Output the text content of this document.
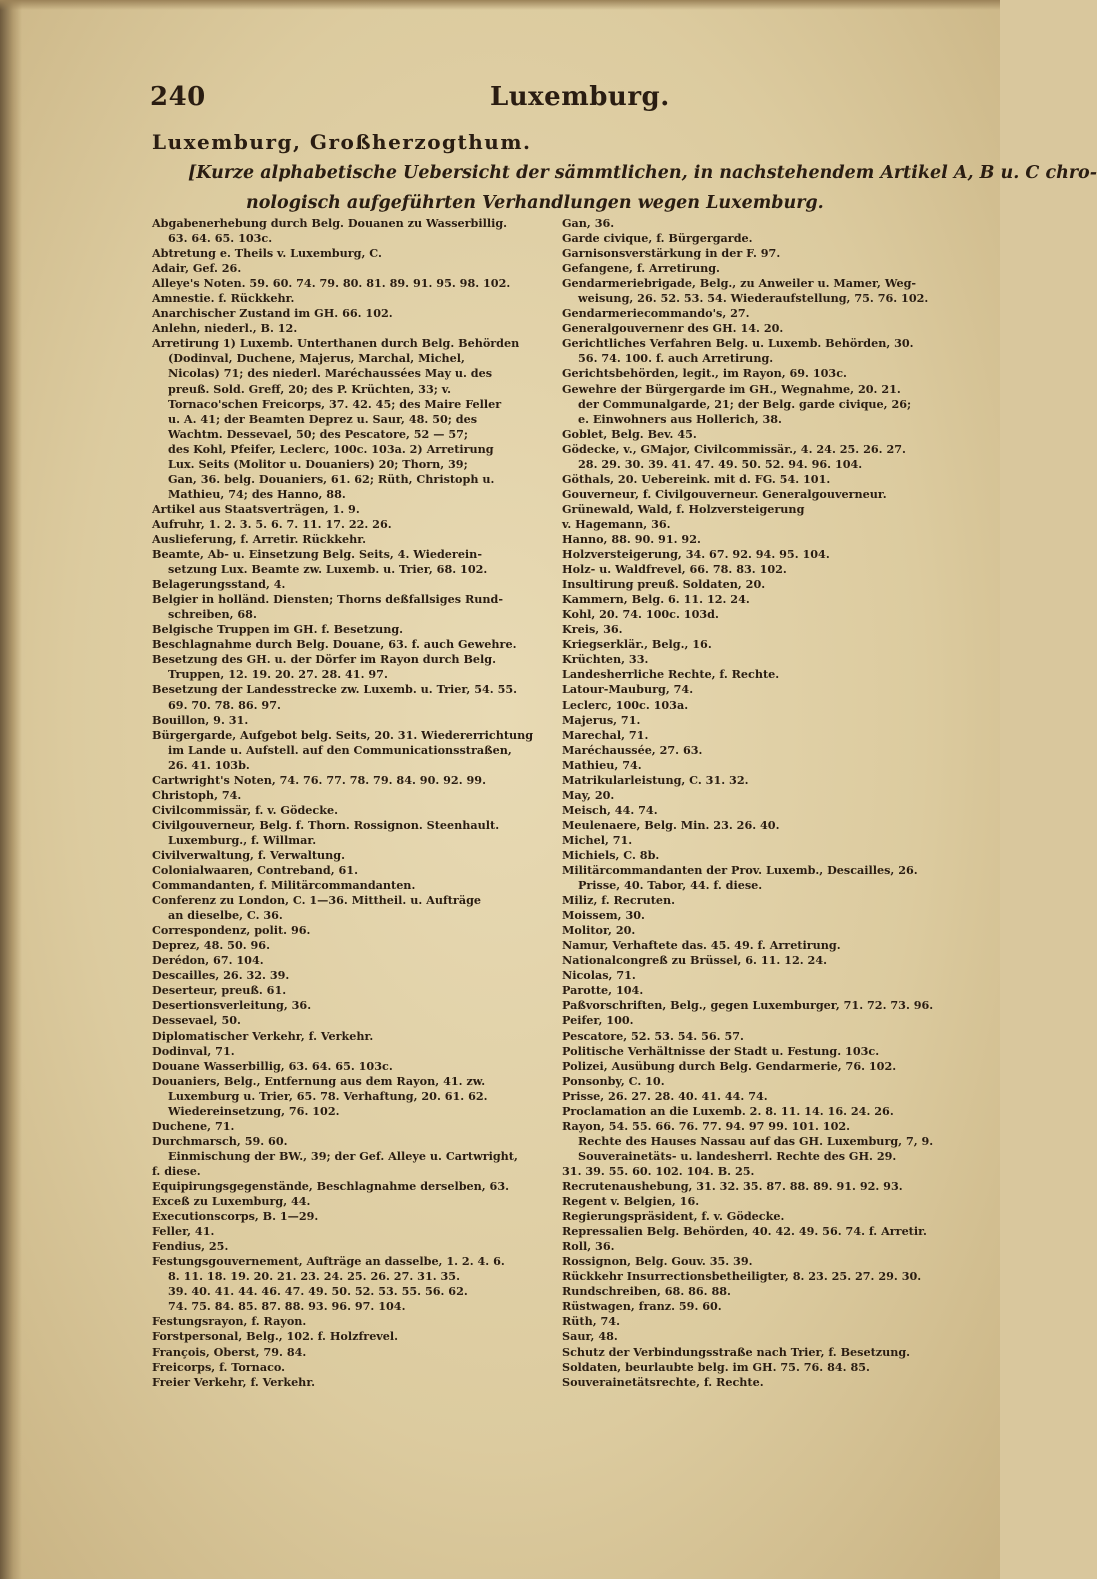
240	Luxemburg.
Luxemburg, Großherzogthum.
[Kurze alphabetische Uebersicht der sämmtlichen, in nachstehendem Artikel A, B u. C chro-
nologisch aufgeführten Verhandlungen wegen Luxemburg.
Abgabenerhebung durch Belg. Douanen zu Wasserbillig.
63. 64. 65. 103c.
Abtretung e. Theils v. Luxemburg, C.
Adair, Gef. 26.
Alleye's Noten. 59. 60. 74. 79. 80. 81. 89. 91. 95. 98. 102.
Amnestie. f. Rückkehr.
Anarchischer Zustand im GH. 66. 102.
Anlehn, niederl., B. 12.
Arretirung 1) Luxemb. Unterthanen durch Belg. Behörden
(Dodinval, Duchene, Majerus, Marchal, Michel,
Nicolas) 71; des niederl. Maréchaussées May u. des
preuß. Sold. Greff, 20; des P. Krüchten, 33; v.
Tornaco'schen Freicorps, 37. 42. 45; des Maire Feller
u. A. 41; der Beamten Deprez u. Saur, 48. 50; des
Wachtm. Dessevael, 50; des Pescatore, 52 — 57;
des Kohl, Pfeifer, Leclerc, 100c. 103a. 2) Arretirung
Lux. Seits (Molitor u. Douaniers) 20; Thorn, 39;
Gan, 36. belg. Douaniers, 61. 62; Rüth, Christoph u.
Mathieu, 74; des Hanno, 88.
Artikel aus Staatsverträgen, 1. 9.
Aufruhr, 1. 2. 3. 5. 6. 7. 11. 17. 22. 26.
Auslieferung, f. Arretir. Rückkehr.
Beamte, Ab- u. Einsetzung Belg. Seits, 4. Wiederein-
setzung Lux. Beamte zw. Luxemb. u. Trier, 68. 102.
Belagerungsstand, 4.
Belgier in holländ. Diensten; Thorns deßfallsiges Rund-
schreiben, 68.
Belgische Truppen im GH. f. Besetzung.
Beschlagnahme durch Belg. Douane, 63. f. auch Gewehre.
Besetzung des GH. u. der Dörfer im Rayon durch Belg.
Truppen, 12. 19. 20. 27. 28. 41. 97.
Besetzung der Landesstrecke zw. Luxemb. u. Trier, 54. 55.
69. 70. 78. 86. 97.
Bouillon, 9. 31.
Bürgergarde, Aufgebot belg. Seits, 20. 31. Wiedererrichtung
im Lande u. Aufstell. auf den Communicationsstraßen,
26. 41. 103b.
Cartwright's Noten, 74. 76. 77. 78. 79. 84. 90. 92. 99.
Christoph, 74.
Civilcommissär, f. v. Gödecke.
Civilgouverneur, Belg. f. Thorn. Rossignon. Steenhault.
Luxemburg., f. Willmar.
Civilverwaltung, f. Verwaltung.
Colonialwaaren, Contreband, 61.
Commandanten, f. Militärcommandanten.
Conferenz zu London, C. 1—36. Mittheil. u. Aufträge
an dieselbe, C. 36.
Correspondenz, polit. 96.
Deprez, 48. 50. 96.
Derédon, 67. 104.
Descailles, 26. 32. 39.
Deserteur, preuß. 61.
Desertionsverleitung, 36.
Dessevael, 50.
Diplomatischer Verkehr, f. Verkehr.
Dodinval, 71.
Douane Wasserbillig, 63. 64. 65. 103c.
Douaniers, Belg., Entfernung aus dem Rayon, 41. zw.
Luxemburg u. Trier, 65. 78. Verhaftung, 20. 61. 62.
Wiedereinsetzung, 76. 102.
Duchene, 71.
Durchmarsch, 59. 60.
Einmischung der BW., 39; der Gef. Alleye u. Cartwright,
f. diese.
Equipirungsgegenstände, Beschlagnahme derselben, 63.
Exceß zu Luxemburg, 44.
Executionscorps, B. 1—29.
Feller, 41.
Fendius, 25.
Festungsgouvernement, Aufträge an dasselbe, 1. 2. 4. 6.
8. 11. 18. 19. 20. 21. 23. 24. 25. 26. 27. 31. 35.
39. 40. 41. 44. 46. 47. 49. 50. 52. 53. 55. 56. 62.
74. 75. 84. 85. 87. 88. 93. 96. 97. 104.
Festungsrayon, f. Rayon.
Forstpersonal, Belg., 102. f. Holzfrevel.
François, Oberst, 79. 84.
Freicorps, f. Tornaco.
Freier Verkehr, f. Verkehr.
Gan, 36.
Garde civique, f. Bürgergarde.
Garnisonsverstärkung in der F. 97.
Gefangene, f. Arretirung.
Gendarmeriebrigade, Belg., zu Anweiler u. Mamer, Weg-
weisung, 26. 52. 53. 54. Wiederaufstellung, 75. 76. 102.
Gendarmeriecommando's, 27.
Generalgouvernenr des GH. 14. 20.
Gerichtliches Verfahren Belg. u. Luxemb. Behörden, 30.
56. 74. 100. f. auch Arretirung.
Gerichtsbehörden, legit., im Rayon, 69. 103c.
Gewehre der Bürgergarde im GH., Wegnahme, 20. 21.
der Communalgarde, 21; der Belg. garde civique, 26;
e. Einwohners aus Hollerich, 38.
Goblet, Belg. Bev. 45.
Gödecke, v., GMajor, Civilcommissär., 4. 24. 25. 26. 27.
28. 29. 30. 39. 41. 47. 49. 50. 52. 94. 96. 104.
Göthals, 20. Uebereink. mit d. FG. 54. 101.
Gouverneur, f. Civilgouverneur. Generalgouverneur.
Grünewald, Wald, f. Holzversteigerung
v. Hagemann, 36.
Hanno, 88. 90. 91. 92.
Holzversteigerung, 34. 67. 92. 94. 95. 104.
Holz- u. Waldfrevel, 66. 78. 83. 102.
Insultirung preuß. Soldaten, 20.
Kammern, Belg. 6. 11. 12. 24.
Kohl, 20. 74. 100c. 103d.
Kreis, 36.
Kriegserklär., Belg., 16.
Krüchten, 33.
Landesherrliche Rechte, f. Rechte.
Latour-Mauburg, 74.
Leclerc, 100c. 103a.
Majerus, 71.
Marechal, 71.
Maréchaussée, 27. 63.
Mathieu, 74.
Matrikularleistung, C. 31. 32.
May, 20.
Meisch, 44. 74.
Meulenaere, Belg. Min. 23. 26. 40.
Michel, 71.
Michiels, C. 8b.
Militärcommandanten der Prov. Luxemb., Descailles, 26.
Prisse, 40. Tabor, 44. f. diese.
Miliz, f. Recruten.
Moissem, 30.
Molitor, 20.
Namur, Verhaftete das. 45. 49. f. Arretirung.
Nationalcongreß zu Brüssel, 6. 11. 12. 24.
Nicolas, 71.
Parotte, 104.
Paßvorschriften, Belg., gegen Luxemburger, 71. 72. 73. 96.
Peifer, 100.
Pescatore, 52. 53. 54. 56. 57.
Politische Verhältnisse der Stadt u. Festung. 103c.
Polizei, Ausübung durch Belg. Gendarmerie, 76. 102.
Ponsonby, C. 10.
Prisse, 26. 27. 28. 40. 41. 44. 74.
Proclamation an die Luxemb. 2. 8. 11. 14. 16. 24. 26.
Rayon, 54. 55. 66. 76. 77. 94. 97 99. 101. 102.
Rechte des Hauses Nassau auf das GH. Luxemburg, 7, 9.
Souverainetäts- u. landesherrl. Rechte des GH. 29.
31. 39. 55. 60. 102. 104. B. 25.
Recrutenaushebung, 31. 32. 35. 87. 88. 89. 91. 92. 93.
Regent v. Belgien, 16.
Regierungspräsident, f. v. Gödecke.
Repressalien Belg. Behörden, 40. 42. 49. 56. 74. f. Arretir.
Roll, 36.
Rossignon, Belg. Gouv. 35. 39.
Rückkehr Insurrectionsbetheiligter, 8. 23. 25. 27. 29. 30.
Rundschreiben, 68. 86. 88.
Rüstwagen, franz. 59. 60.
Rüth, 74.
Saur, 48.
Schutz der Verbindungsstraße nach Trier, f. Besetzung.
Soldaten, beurlaubte belg. im GH. 75. 76. 84. 85.
Souverainetätsrechte, f. Rechte.
